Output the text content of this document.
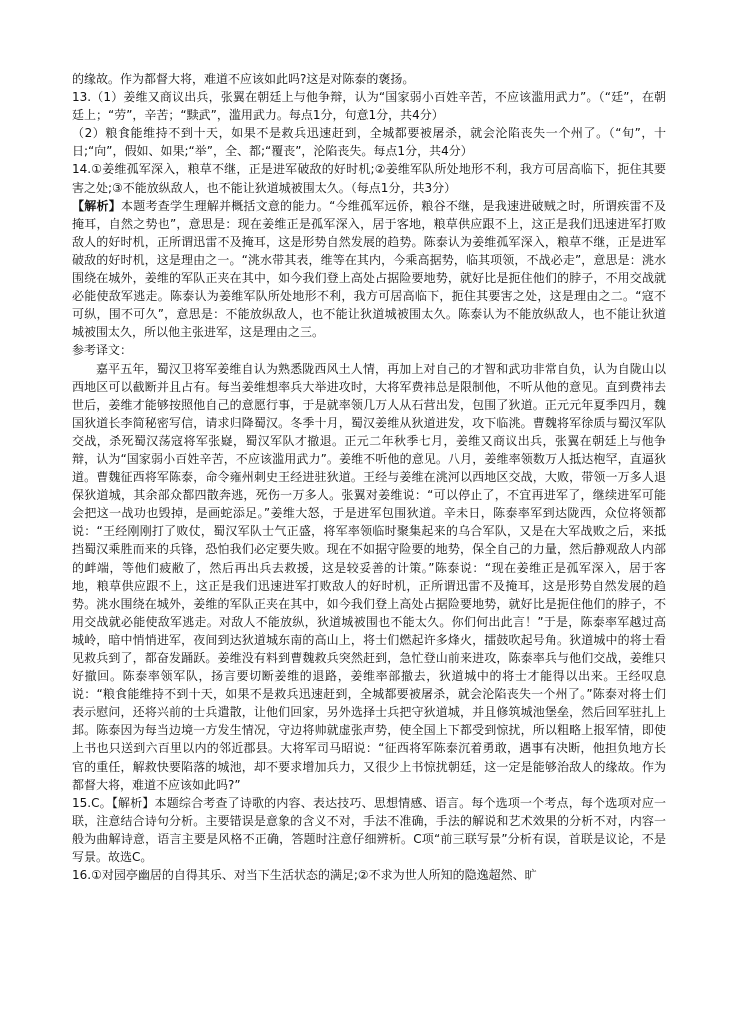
的缘故。作为都督大将，难道不应该如此吗?这是对陈泰的褒扬。

13.（1）姜维又商议出兵，张翼在朝廷上与他争辩，认为“国家弱小百姓辛苦，不应该滥用武力”。（“廷”，在朝廷上；“劳”，辛苦；“黩武”，滥用武力。每点1分，句意1分，共4分）

（2）粮食能维持不到十天，如果不是救兵迅速赶到，全城都要被屠杀，就会沦陷丧失一个州了。（“旬”，十日;“向”，假如、如果;“举”，全、都;“覆丧”，沦陷丧失。每点1分，共4分）

14.①姜维孤军深入，粮草不继，正是进军破敌的好时机;②姜维军队所处地形不利，我方可居高临下，扼住其要害之处;③不能放纵敌人，也不能让狄道城被围太久。（每点1分，共3分）

【解析】本题考查学生理解并概括文意的能力。“今维孤军远侨，粮谷不继，是我速进破贼之时，所谓疾雷不及掩耳，自然之势也”，意思是：现在姜维正是孤军深入，居于客地，粮草供应跟不上，这正是我们迅速进军打败敌人的好时机，正所谓迅雷不及掩耳，这是形势自然发展的趋势。陈泰认为姜维孤军深入，粮草不继，正是进军破敌的好时机，这是理由之一。“洮水带其表，维等在其内，今乘高据势，临其项领，不战必走”，意思是：洮水围绕在城外，姜维的军队正夹在其中，如今我们登上高处占据险要地势，就好比是扼住他们的脖子，不用交战就必能使敌军逃走。陈泰认为姜维军队所处地形不利，我方可居高临下，扼住其要害之处，这是理由之二。“寇不可纵，围不可久”，意思是：不能放纵敌人，也不能让狄道城被围太久。陈泰认为不能放纵敌人，也不能让狄道城被围太久，所以他主张进军，这是理由之三。

参考译文：

嘉平五年，蜀汉卫将军姜维自认为熟悉陇西风土人情，再加上对自己的才智和武功非常自负，认为自陇山以西地区可以截断并且占有。每当姜维想率兵大举进攻时，大将军费祎总是限制他，不听从他的意见。直到费祎去世后，姜维才能够按照他自己的意愿行事，于是就率领几万人从石营出发，包围了狄道。正元元年夏季四月，魏国狄道长李简秘密写信，请求归降蜀汉。冬季十月，蜀汉姜维从狄道进发，攻下临洮。曹魏将军徐质与蜀汉军队交战，杀死蜀汉荡寇将军张嶷，蜀汉军队才撤退。正元二年秋季七月，姜维又商议出兵，张翼在朝廷上与他争辩，认为“国家弱小百姓辛苦，不应该滥用武力”。姜维不听他的意见。八月，姜维率领数万人抵达枹罕，直逼狄道。曹魏征西将军陈泰，命令雍州刺史王经进驻狄道。王经与姜维在洮河以西地区交战，大败，带领一万多人退保狄道城，其余部众都四散奔逃，死伤一万多人。张翼对姜维说：“可以停止了，不宜再进军了，继续进军可能会把这一战功也毁掉，是画蛇添足。”姜维大怒，于是进军包围狄道。辛未日，陈泰率军到达陇西，众位将领都说：“王经刚刚打了败仗，蜀汉军队士气正盛，将军率领临时聚集起来的乌合军队，又是在大军战败之后，来抵挡蜀汉乘胜而来的兵锋，恐怕我们必定要失败。现在不如据守险要的地势，保全自己的力量，然后静观敌人内部的衅端，等他们疲敝了，然后再出兵去救援，这是较妥善的计策。”陈泰说：“现在姜维正是孤军深入，居于客地，粮草供应跟不上，这正是我们迅速进军打败敌人的好时机，正所谓迅雷不及掩耳，这是形势自然发展的趋势。洮水围绕在城外，姜维的军队正夹在其中，如今我们登上高处占据险要地势，就好比是扼住他们的脖子，不用交战就必能使敌军逃走。对敌人不能放纵，狄道城被围也不能太久。你们何出此言！”于是，陈泰率军越过高城岭，暗中悄悄进军，夜间到达狄道城东南的高山上，将士们燃起许多烽火，擂鼓吹起号角。狄道城中的将士看见救兵到了，都奋发踊跃。姜维没有料到曹魏救兵突然赶到，急忙登山前来进攻，陈泰率兵与他们交战，姜维只好撤回。陈泰率领军队，扬言要切断姜维的退路，姜维率部撤去，狄道城中的将士才能得以出来。王经叹息说：“粮食能维持不到十天，如果不是救兵迅速赶到，全城都要被屠杀，就会沦陷丧失一个州了。”陈泰对将士们表示慰问，还将兴前的士兵遣散，让他们回家，另外选择士兵把守狄道城，并且修筑城池堡垒，然后回军驻扎上邽。陈泰因为每当边境一方发生情况，守边将帅就虚张声势，使全国上下都受到惊扰，所以粗略上报军情，即使上书也只送到六百里以内的邻近郡县。大将军司马昭说：“征西将军陈泰沉着勇敢，遇事有决断，他担负地方长官的重任，解救快要陷落的城池，却不要求增加兵力，又很少上书惊扰朝廷，这一定是能够治敌人的缘故。作为都督大将，难道不应该如此吗?”

15.C。【解析】本题综合考查了诗歌的内容、表达技巧、思想情感、语言。每个选项一个考点，每个选项对应一联，注意结合诗句分析。主要错误是意象的含义不对，手法不准确，手法的解说和艺术效果的分析不对，内容一般为曲解诗意，语言主要是风格不正确，答题时注意仔细辨析。C项“前三联写景”分析有误，首联是议论，不是写景。故选C。

16.①对园亭幽居的自得其乐、对当下生活状态的满足;②不求为世人所知的隐逸超然、旷
